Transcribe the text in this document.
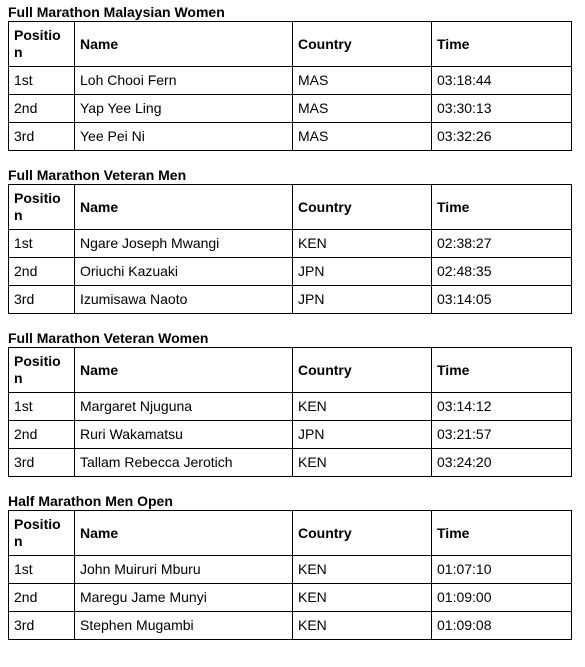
Full Marathon Malaysian Women
Position	Name	Country	Time
1st	Loh Chooi Fern	MAS	03:18:44
2nd	Yap Yee Ling	MAS	03:30:13
3rd	Yee Pei Ni	MAS	03:32:26
Full Marathon Veteran Men
Position	Name	Country	Time
1st	Ngare Joseph Mwangi	KEN	02:38:27
2nd	Oriuchi Kazuaki	JPN	02:48:35
3rd	Izumisawa Naoto	JPN	03:14:05
Full Marathon Veteran Women
Position	Name	Country	Time
1st	Margaret Njuguna	KEN	03:14:12
2nd	Ruri Wakamatsu	JPN	03:21:57
3rd	Tallam Rebecca Jerotich	KEN	03:24:20
Half Marathon Men Open
Position	Name	Country	Time
1st	John Muiruri Mburu	KEN	01:07:10
2nd	Maregu Jame Munyi	KEN	01:09:00
3rd	Stephen Mugambi	KEN	01:09:08
